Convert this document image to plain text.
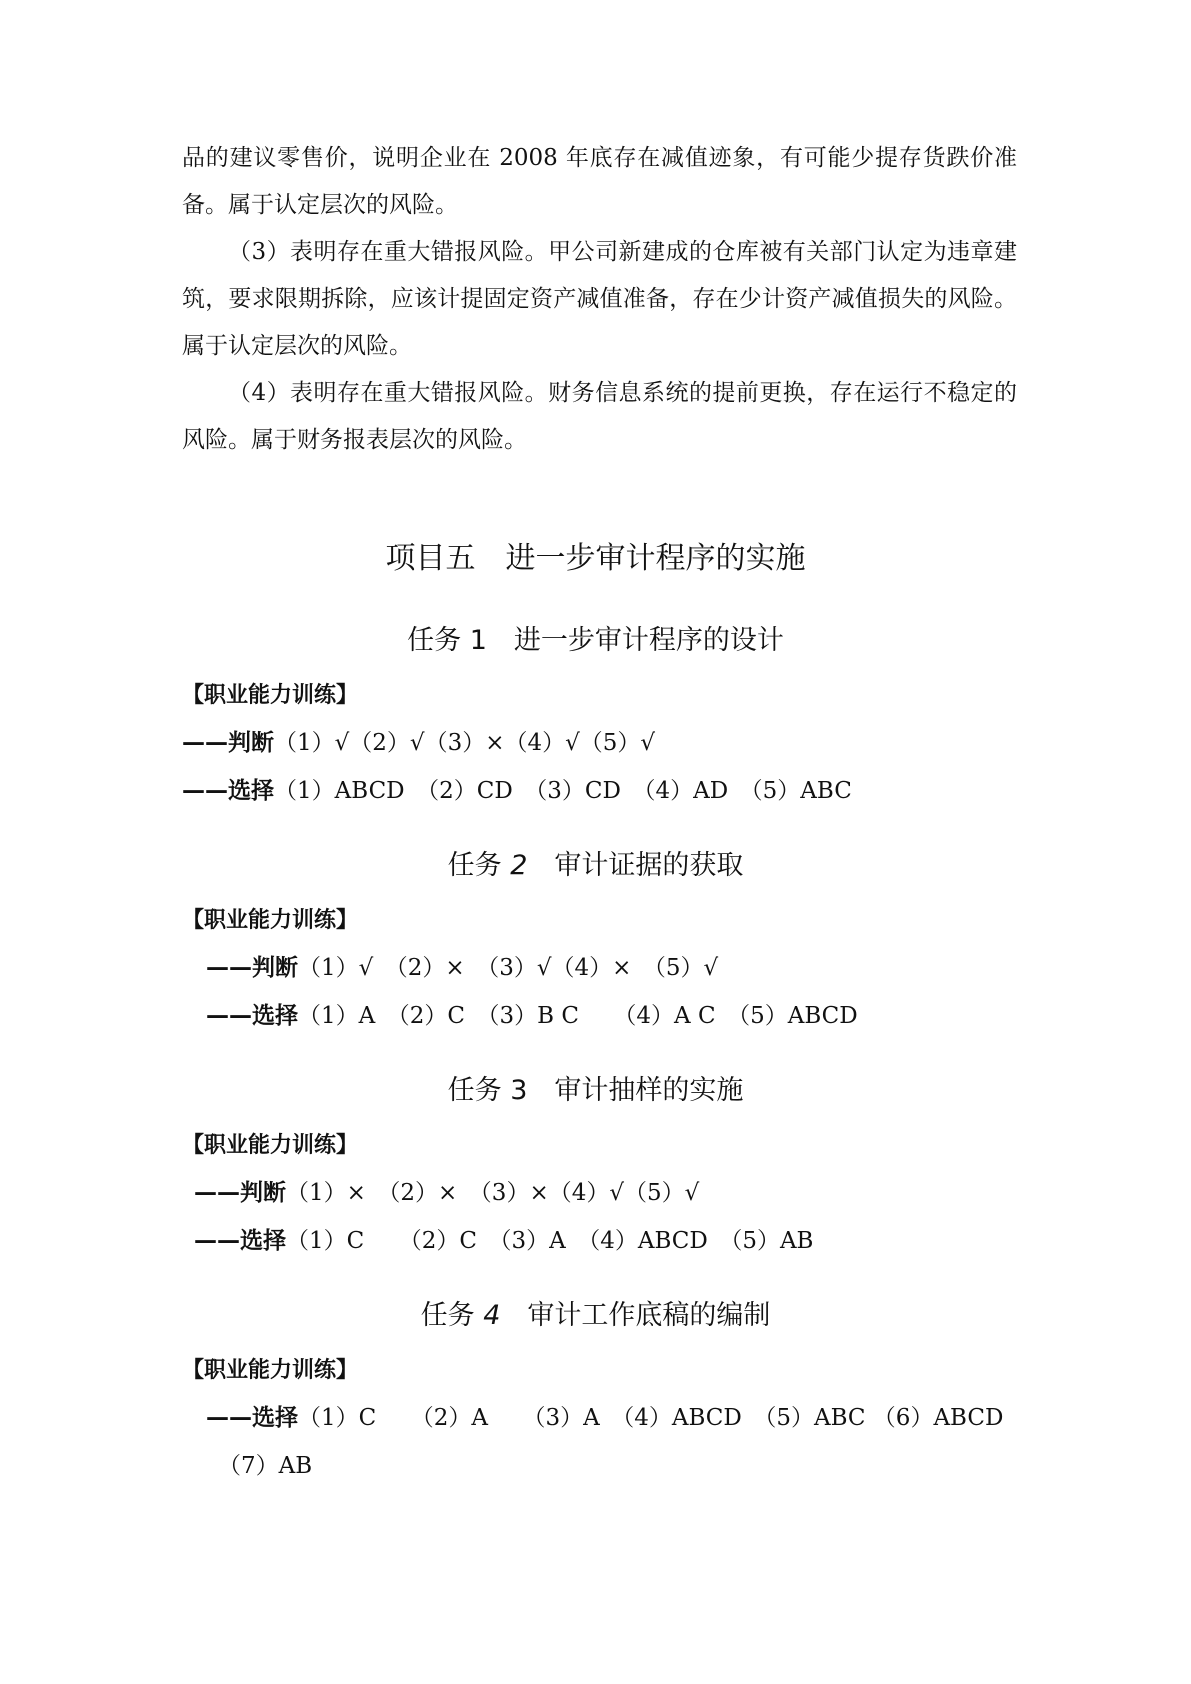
品的建议零售价，说明企业在 2008 年底存在减值迹象，有可能少提存货跌价准备。属于认定层次的风险。
（3）表明存在重大错报风险。甲公司新建成的仓库被有关部门认定为违章建筑，要求限期拆除，应该计提固定资产减值准备，存在少计资产减值损失的风险。属于认定层次的风险。
（4）表明存在重大错报风险。财务信息系统的提前更换，存在运行不稳定的风险。属于财务报表层次的风险。
项目五　进一步审计程序的实施
任务 1　进一步审计程序的设计
【职业能力训练】
——判断（1）√（2）√（3）×（4）√（5）√
——选择（1）ABCD　（2）CD　（3）CD　（4）AD　（5）ABC
任务 2　审计证据的获取
【职业能力训练】
——判断（1）√　（2）×　（3）√（4）×　（5）√
——选择（1）A　（2）C　（3）B C　　（4）A C　（5）ABCD
任务 3　审计抽样的实施
【职业能力训练】
——判断（1）×　（2）×　（3）×（4）√（5）√
——选择（1）C　　（2）C　（3）A　（4）ABCD　（5）AB
任务 4　审计工作底稿的编制
【职业能力训练】
——选择（1）C　　（2）A　　（3）A　（4）ABCD　（5）ABC （6）ABCD
（7）AB
